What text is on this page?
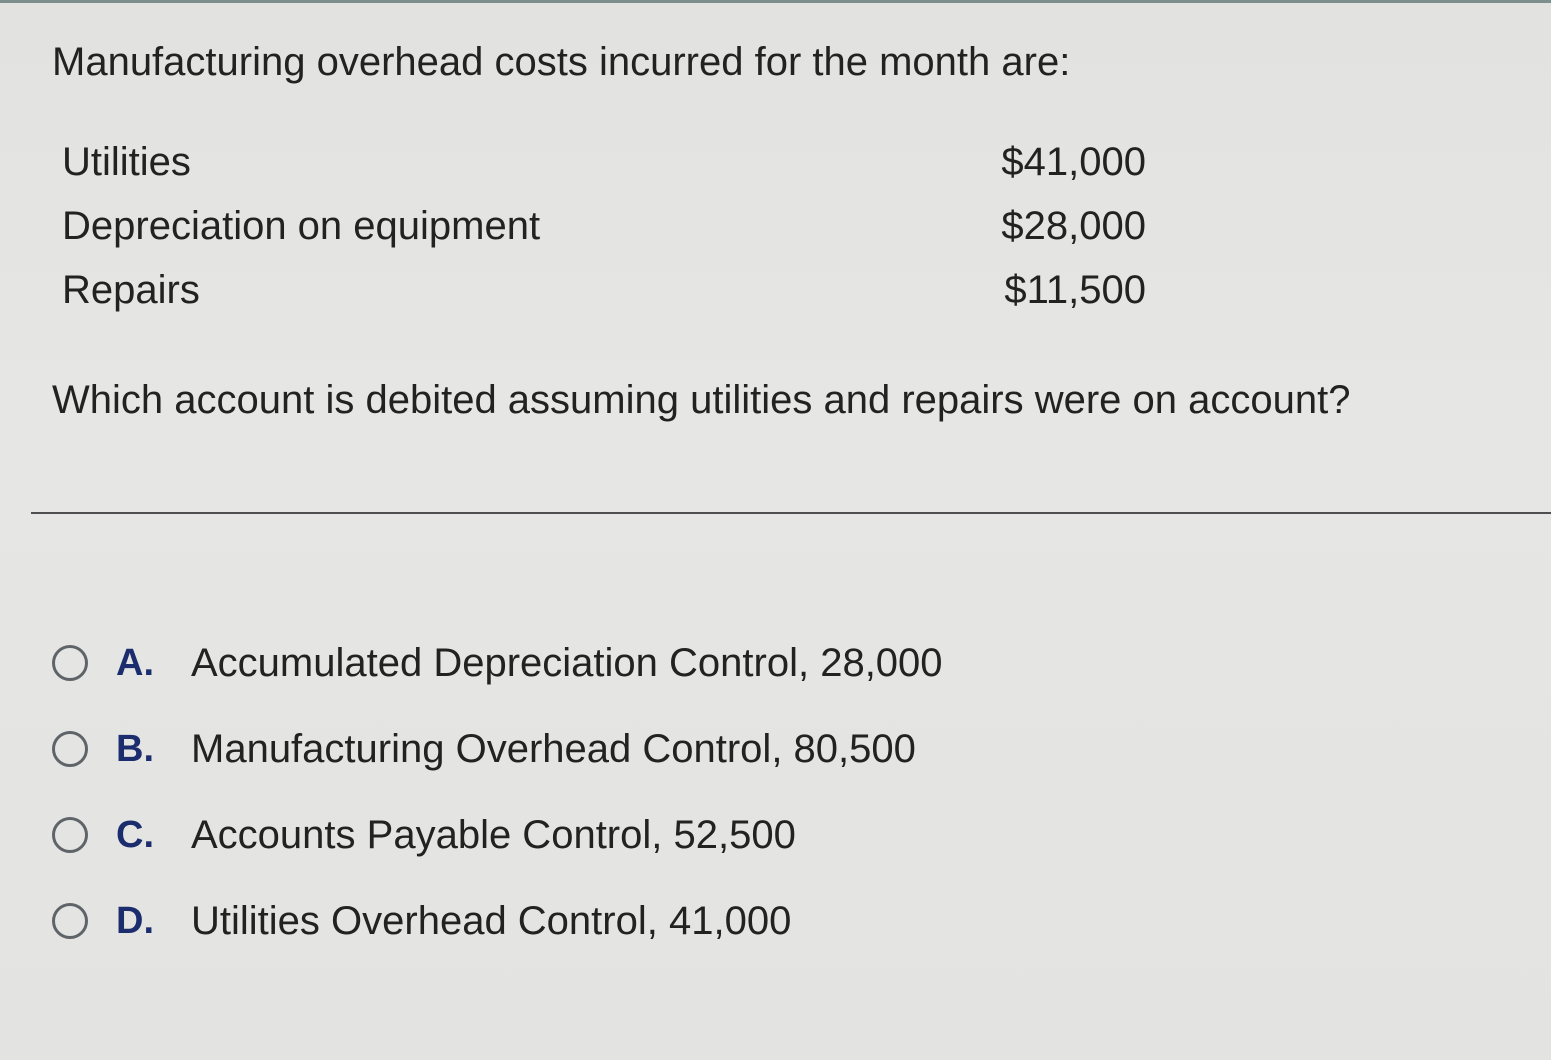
Manufacturing overhead costs incurred for the month are:
Utilities	$41,000
Depreciation on equipment	$28,000
Repairs	$11,500

Which account is debited assuming utilities and repairs were on account?

A. Accumulated Depreciation Control, 28,000
B. Manufacturing Overhead Control, 80,500
C. Accounts Payable Control, 52,500
D. Utilities Overhead Control, 41,000
